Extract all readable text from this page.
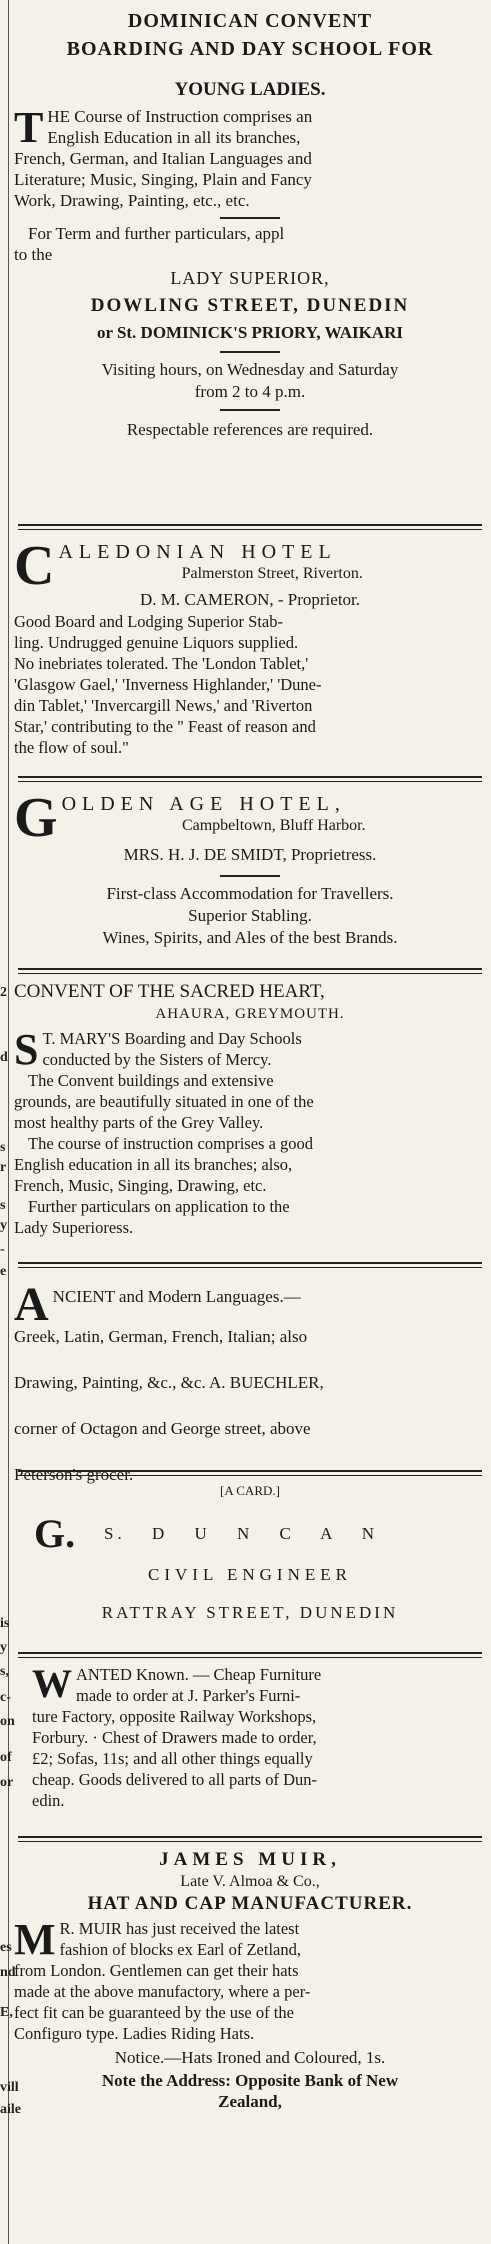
2
d
s
r
s
y
-
e
is
y
s,
c-
on
of
or
es
nd
E,
vill
aile
DOMINICAN CONVENT
BOARDING AND DAY SCHOOL FOR
YOUNG LADIES.
T HE Course of Instruction comprises an
English Education in all its branches,
French, German, and Italian Languages and
Literature; Music, Singing, Plain and Fancy
Work, Drawing, Painting, etc., etc.
For Term and further particulars, appl
to the
LADY SUPERIOR,
DOWLING STREET, DUNEDIN
or St. DOMINICK'S PRIORY, WAIKARI
Visiting hours, on Wednesday and Saturday
from 2 to 4 p.m.
Respectable references are required.
C ALEDONIAN HOTEL
Palmerston Street, Riverton.
D. M. CAMERON, - Proprietor.
Good Board and Lodging Superior Stab-
ling. Undrugged genuine Liquors supplied.
No inebriates tolerated. The 'London Tablet,'
'Glasgow Gael,' 'Inverness Highlander,' 'Dune-
din Tablet,' 'Invercargill News,' and 'Riverton
Star,' contributing to the " Feast of reason and
the flow of soul."
G OLDEN AGE HOTEL,
Campbeltown, Bluff Harbor.
MRS. H. J. DE SMIDT, Proprietress.
First-class Accommodation for Travellers.
Superior Stabling.
Wines, Spirits, and Ales of the best Brands.
CONVENT OF THE SACRED HEART,
AHAURA, GREYMOUTH.
S T. MARY'S Boarding and Day Schools
conducted by the Sisters of Mercy.
The Convent buildings and extensive
grounds, are beautifully situated in one of the
most healthy parts of the Grey Valley.
The course of instruction comprises a good
English education in all its branches; also,
French, Music, Singing, Drawing, etc.
Further particulars on application to the
Lady Superioress.
A NCIENT and Modern Languages.—
Greek, Latin, German, French, Italian; also
Drawing, Painting, &c., &c. A. BUECHLER,
corner of Octagon and George street, above
Peterson's grocer.
[A CARD.]
G. S. D U N C A N
CIVIL ENGINEER
RATTRAY STREET, DUNEDIN
W ANTED Known. — Cheap Furniture
made to order at J. Parker's Furni-
ture Factory, opposite Railway Workshops,
Forbury. · Chest of Drawers made to order,
£2; Sofas, 11s; and all other things equally
cheap. Goods delivered to all parts of Dun-
edin.
JAMES MUIR,
Late V. Almoa & Co.,
HAT AND CAP MANUFACTURER.
M R. MUIR has just received the latest
fashion of blocks ex Earl of Zetland,
from London. Gentlemen can get their hats
made at the above manufactory, where a per-
fect fit can be guaranteed by the use of the
Configuro type. Ladies Riding Hats.
Notice.—Hats Ironed and Coloured, 1s.
Note the Address: Opposite Bank of New
Zealand,
